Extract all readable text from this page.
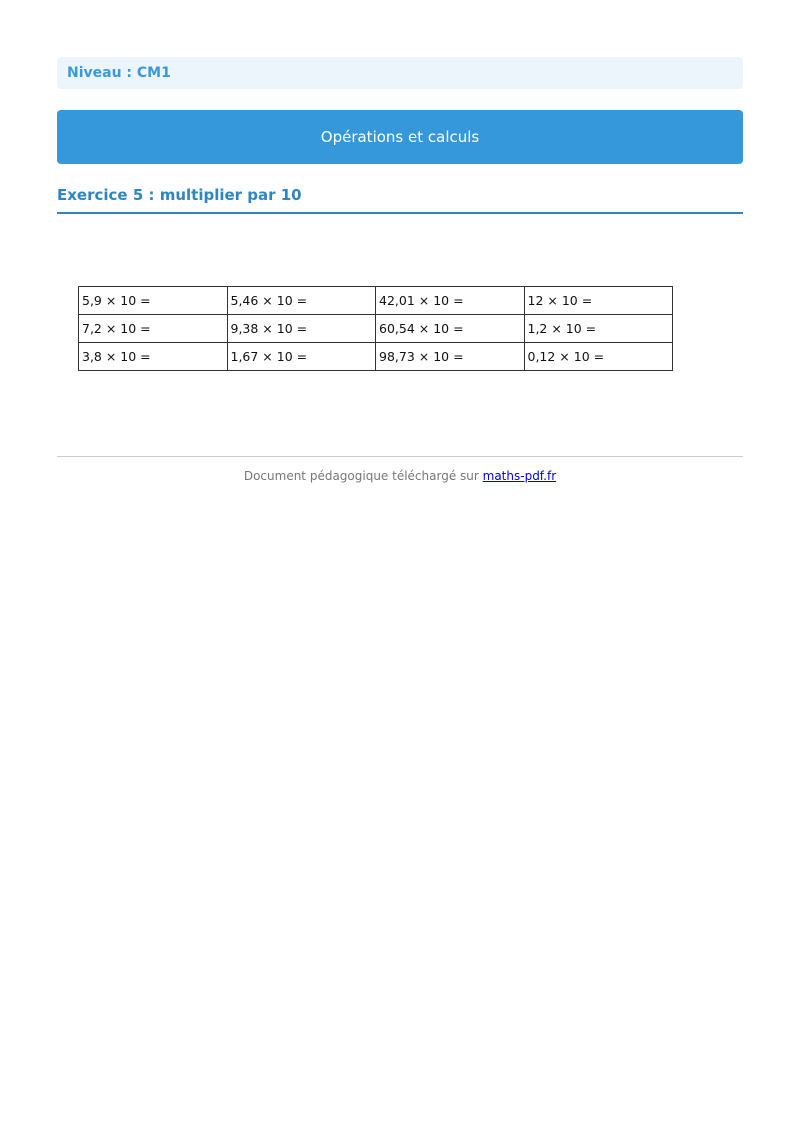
Niveau : CM1
Opérations et calculs
Exercice 5 : multiplier par 10
5,9 × 10 =	5,46 × 10 =	42,01 × 10 =	12 × 10 =
7,2 × 10 =	9,38 × 10 =	60,54 × 10 =	1,2 × 10 =
3,8 × 10 =	1,67 × 10 =	98,73 × 10 =	0,12 × 10 =
Document pédagogique téléchargé sur maths-pdf.fr
